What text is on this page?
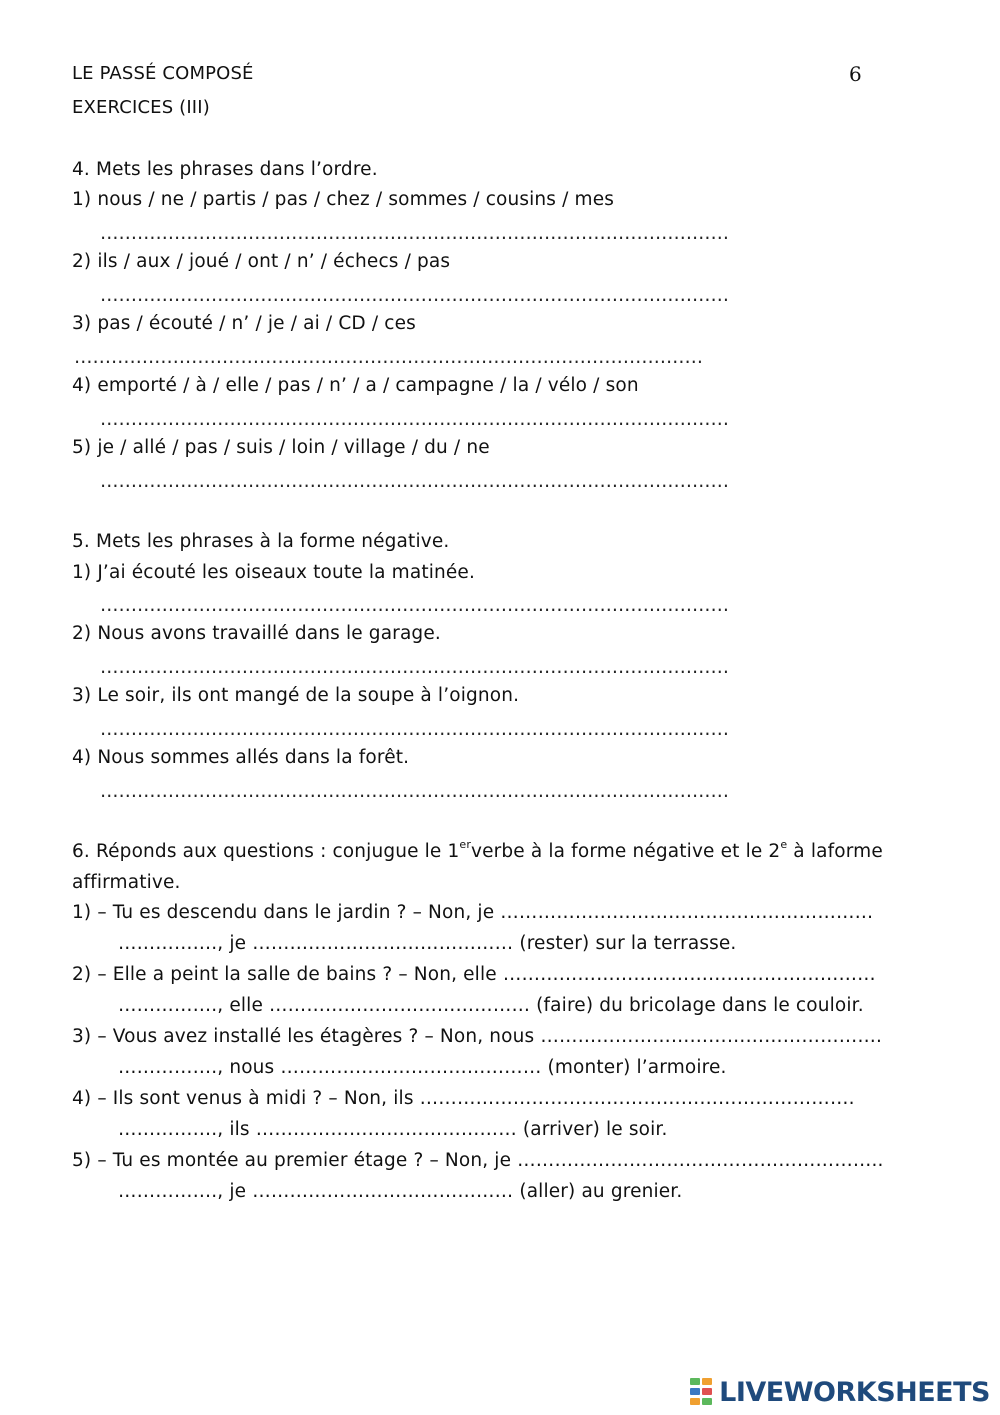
LE PASSÉ COMPOSÉ	6
EXERCICES (III)
4. Mets les phrases dans l’ordre.
1) nous / ne / partis / pas / chez / sommes / cousins / mes
…………………………………………………………………………………………
2) ils / aux / joué / ont / n’ / échecs / pas
…………………………………………………………………………………………
3) pas / écouté / n’ / je / ai / CD / ces
…………………………………………………………………………………………
4) emporté / à / elle / pas / n’ / a / campagne / la / vélo / son
…………………………………………………………………………………………
5) je / allé / pas / suis / loin / village / du / ne
…………………………………………………………………………………………
5. Mets les phrases à la forme négative.
1) J’ai écouté les oiseaux toute la matinée.
…………………………………………………………………………………………
2) Nous avons travaillé dans le garage.
…………………………………………………………………………………………
3) Le soir, ils ont mangé de la soupe à l’oignon.
…………………………………………………………………………………………
4) Nous sommes allés dans la forêt.
…………………………………………………………………………………………
6. Réponds aux questions : conjugue le 1erverbe à la forme négative et le 2e à laforme
affirmative.
1) – Tu es descendu dans le jardin ? – Non, je ……………………………………………………
……………., je …………………………………… (rester) sur la terrasse.
2) – Elle a peint la salle de bains ? – Non, elle ……………………………………………………
……………., elle …………………………………… (faire) du bricolage dans le couloir.
3) – Vous avez installé les étagères ? – Non, nous ……………………………………………….
……………., nous …………………………………… (monter) l’armoire.
4) – Ils sont venus à midi ? – Non, ils …………………………………………………………….
……………., ils …………………………………… (arriver) le soir.
5) – Tu es montée au premier étage ? – Non, je …………………………………………………..
……………., je …………………………………… (aller) au grenier.
LIVEWORKSHEETS
